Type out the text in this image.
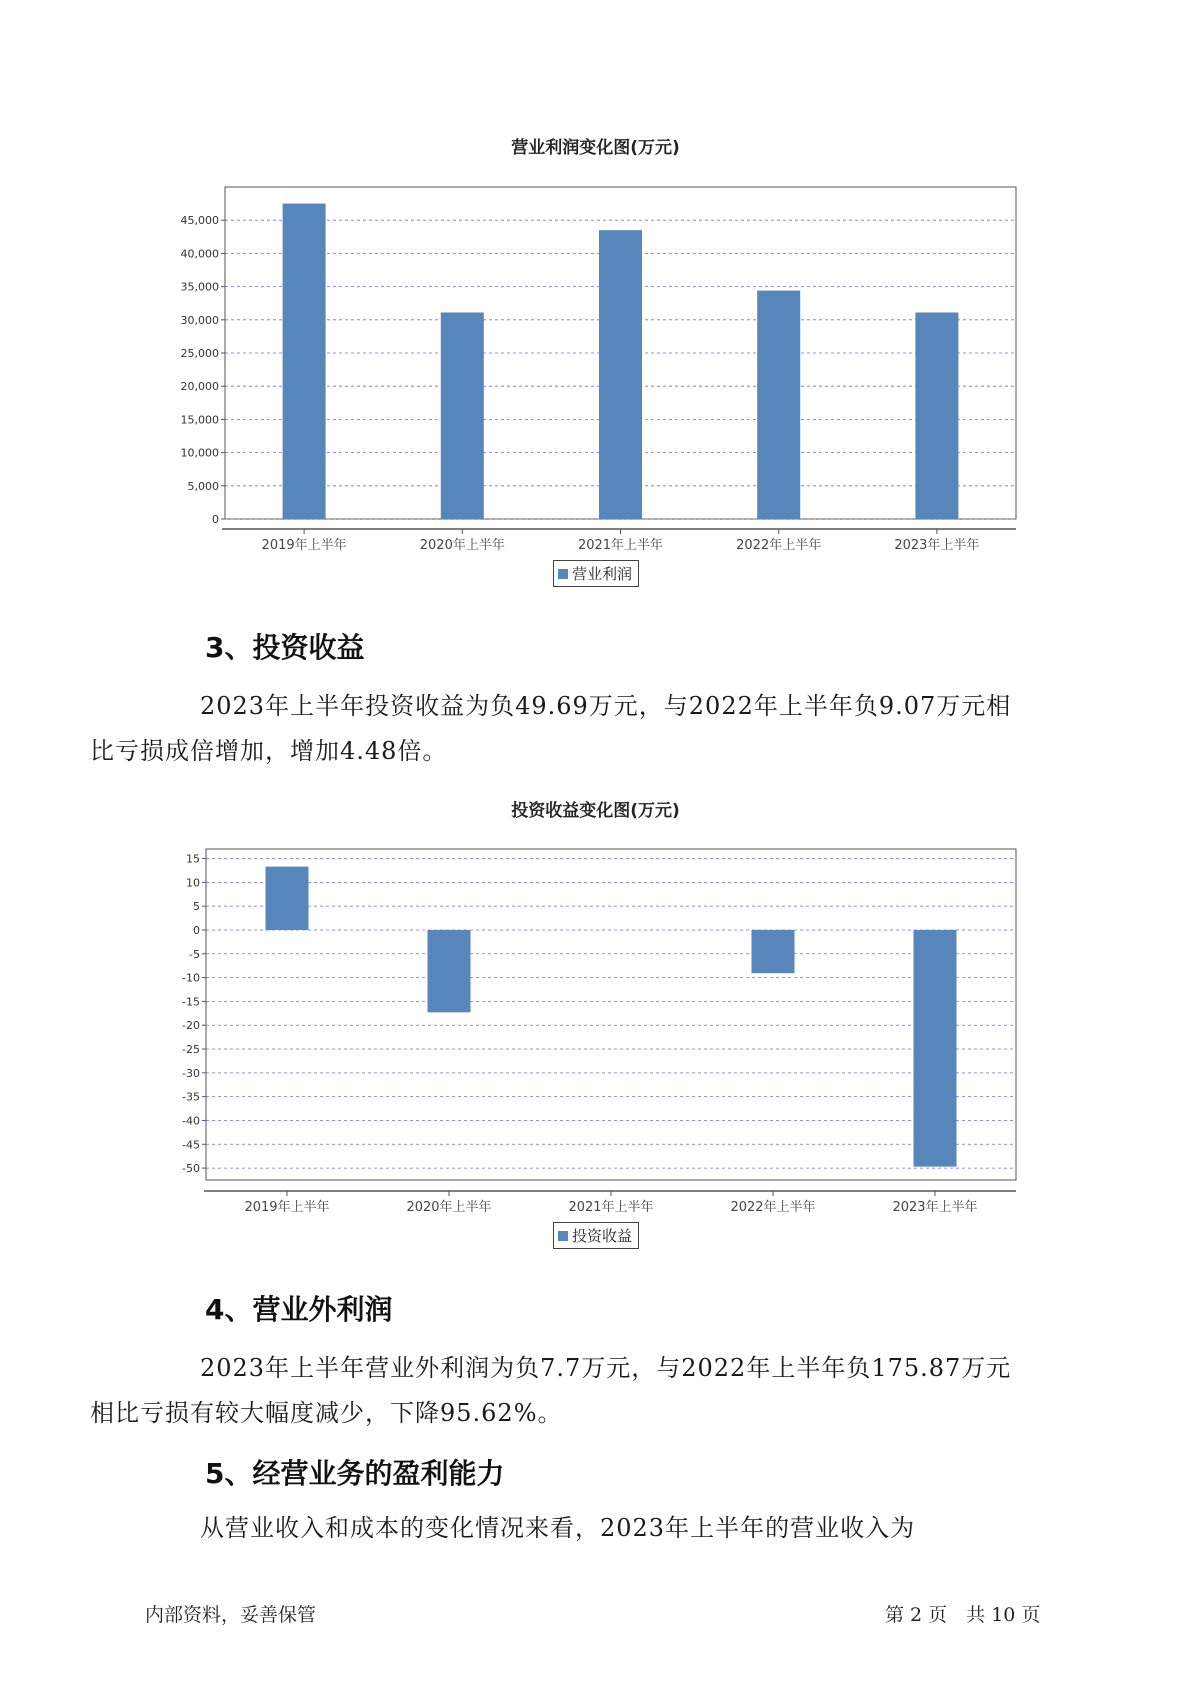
营业利润变化图(万元)
0
5,000
10,000
15,000
20,000
25,000
30,000
35,000
40,000
45,000
2019年上半年	2020年上半年	2021年上半年	2022年上半年	2023年上半年
营业利润
3、投资收益
2023年上半年投资收益为负49.69万元，与2022年上半年负9.07万元相
比亏损成倍增加，增加4.48倍。
投资收益变化图(万元)
15
10
5
0
-5
-10
-15
-20
-25
-30
-35
-40
-45
-50
2019年上半年	2020年上半年	2021年上半年	2022年上半年	2023年上半年
投资收益
4、营业外利润
2023年上半年营业外利润为负7.7万元，与2022年上半年负175.87万元
相比亏损有较大幅度减少，下降95.62%。
5、经营业务的盈利能力
从营业收入和成本的变化情况来看，2023年上半年的营业收入为
内部资料，妥善保管	第 2 页　共 10 页
